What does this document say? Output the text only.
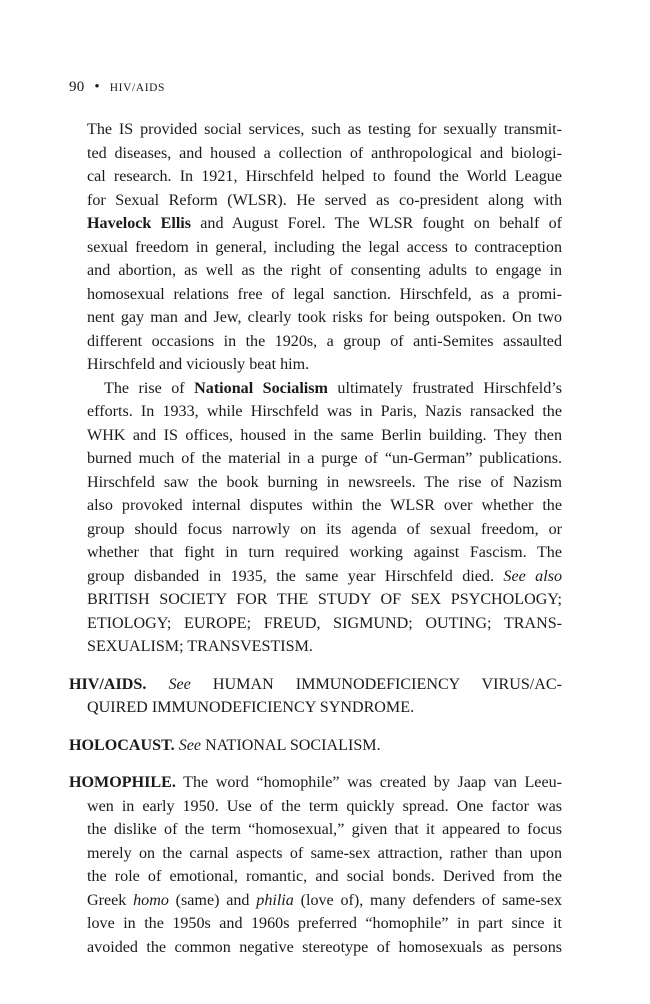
90 • HIV/AIDS
The IS provided social services, such as testing for sexually transmit-
ted diseases, and housed a collection of anthropological and biologi-
cal research. In 1921, Hirschfeld helped to found the World League
for Sexual Reform (WLSR). He served as co-president along with
Havelock Ellis and August Forel. The WLSR fought on behalf of
sexual freedom in general, including the legal access to contraception
and abortion, as well as the right of consenting adults to engage in
homosexual relations free of legal sanction. Hirschfeld, as a promi-
nent gay man and Jew, clearly took risks for being outspoken. On two
different occasions in the 1920s, a group of anti-Semites assaulted
Hirschfeld and viciously beat him.
The rise of National Socialism ultimately frustrated Hirschfeld’s
efforts. In 1933, while Hirschfeld was in Paris, Nazis ransacked the
WHK and IS offices, housed in the same Berlin building. They then
burned much of the material in a purge of “un-German” publications.
Hirschfeld saw the book burning in newsreels. The rise of Nazism
also provoked internal disputes within the WLSR over whether the
group should focus narrowly on its agenda of sexual freedom, or
whether that fight in turn required working against Fascism. The
group disbanded in 1935, the same year Hirschfeld died. See also
BRITISH SOCIETY FOR THE STUDY OF SEX PSYCHOLOGY;
ETIOLOGY; EUROPE; FREUD, SIGMUND; OUTING; TRANS-
SEXUALISM; TRANSVESTISM.
HIV/AIDS. See HUMAN IMMUNODEFICIENCY VIRUS/AC-
QUIRED IMMUNODEFICIENCY SYNDROME.
HOLOCAUST. See NATIONAL SOCIALISM.
HOMOPHILE. The word “homophile” was created by Jaap van Leeu-
wen in early 1950. Use of the term quickly spread. One factor was
the dislike of the term “homosexual,” given that it appeared to focus
merely on the carnal aspects of same-sex attraction, rather than upon
the role of emotional, romantic, and social bonds. Derived from the
Greek homo (same) and philia (love of), many defenders of same-sex
love in the 1950s and 1960s preferred “homophile” in part since it
avoided the common negative stereotype of homosexuals as persons
